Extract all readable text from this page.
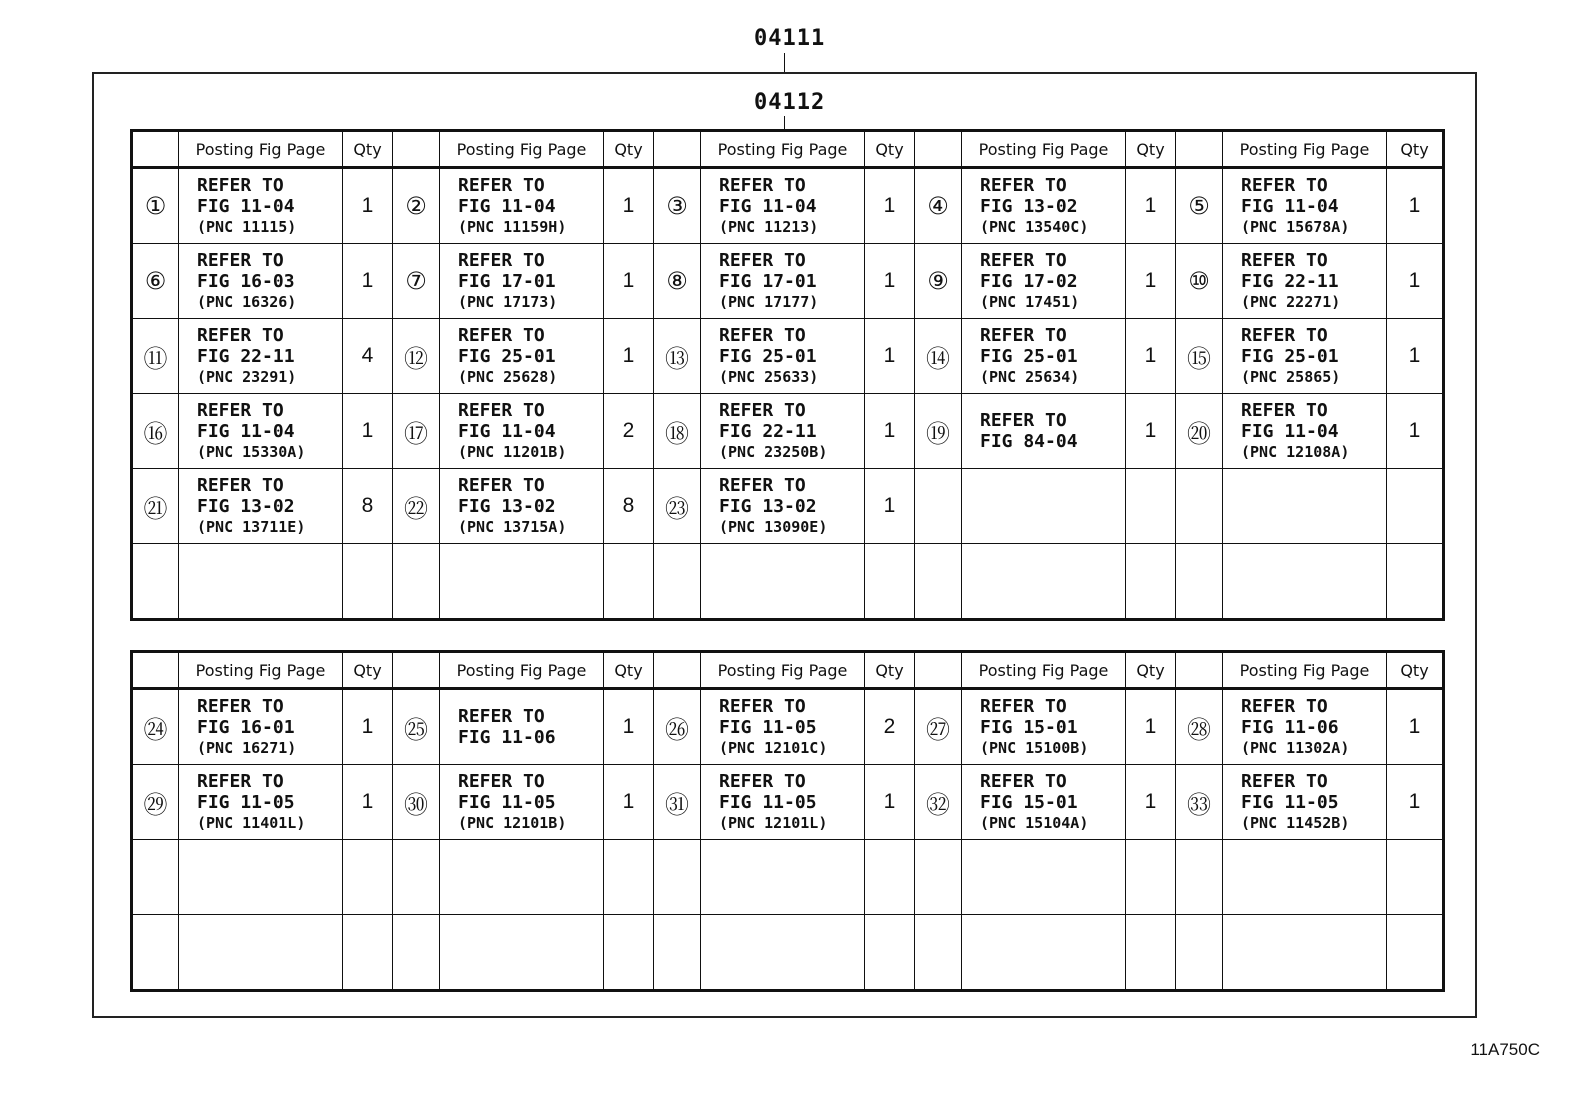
04111
04112
	Posting Fig Page	Qty		Posting Fig Page	Qty		Posting Fig Page	Qty		Posting Fig Page	Qty		Posting Fig Page	Qty
①	REFER TO
FIG 11-04
(PNC 11115)	1	②	REFER TO
FIG 11-04
(PNC 11159H)	1	③	REFER TO
FIG 11-04
(PNC 11213)	1	④	REFER TO
FIG 13-02
(PNC 13540C)	1	⑤	REFER TO
FIG 11-04
(PNC 15678A)	1
⑥	REFER TO
FIG 16-03
(PNC 16326)	1	⑦	REFER TO
FIG 17-01
(PNC 17173)	1	⑧	REFER TO
FIG 17-01
(PNC 17177)	1	⑨	REFER TO
FIG 17-02
(PNC 17451)	1	⑩	REFER TO
FIG 22-11
(PNC 22271)	1
⑪	REFER TO
FIG 22-11
(PNC 23291)	4	⑫	REFER TO
FIG 25-01
(PNC 25628)	1	⑬	REFER TO
FIG 25-01
(PNC 25633)	1	⑭	REFER TO
FIG 25-01
(PNC 25634)	1	⑮	REFER TO
FIG 25-01
(PNC 25865)	1
⑯	REFER TO
FIG 11-04
(PNC 15330A)	1	⑰	REFER TO
FIG 11-04
(PNC 11201B)	2	⑱	REFER TO
FIG 22-11
(PNC 23250B)	1	⑲	REFER TO
FIG 84-04	1	⑳	REFER TO
FIG 11-04
(PNC 12108A)	1
㉑	REFER TO
FIG 13-02
(PNC 13711E)	8	㉒	REFER TO
FIG 13-02
(PNC 13715A)	8	㉓	REFER TO
FIG 13-02
(PNC 13090E)	1		

	Posting Fig Page	Qty		Posting Fig Page	Qty		Posting Fig Page	Qty		Posting Fig Page	Qty		Posting Fig Page	Qty
㉔	REFER TO
FIG 16-01
(PNC 16271)	1	㉕	REFER TO
FIG 11-06	1	㉖	REFER TO
FIG 11-05
(PNC 12101C)	2	㉗	REFER TO
FIG 15-01
(PNC 15100B)	1	㉘	REFER TO
FIG 11-06
(PNC 11302A)	1
㉙	REFER TO
FIG 11-05
(PNC 11401L)	1	㉚	REFER TO
FIG 11-05
(PNC 12101B)	1	㉛	REFER TO
FIG 11-05
(PNC 12101L)	1	㉜	REFER TO
FIG 15-01
(PNC 15104A)	1	㉝	REFER TO
FIG 11-05
(PNC 11452B)	1

11A750C
